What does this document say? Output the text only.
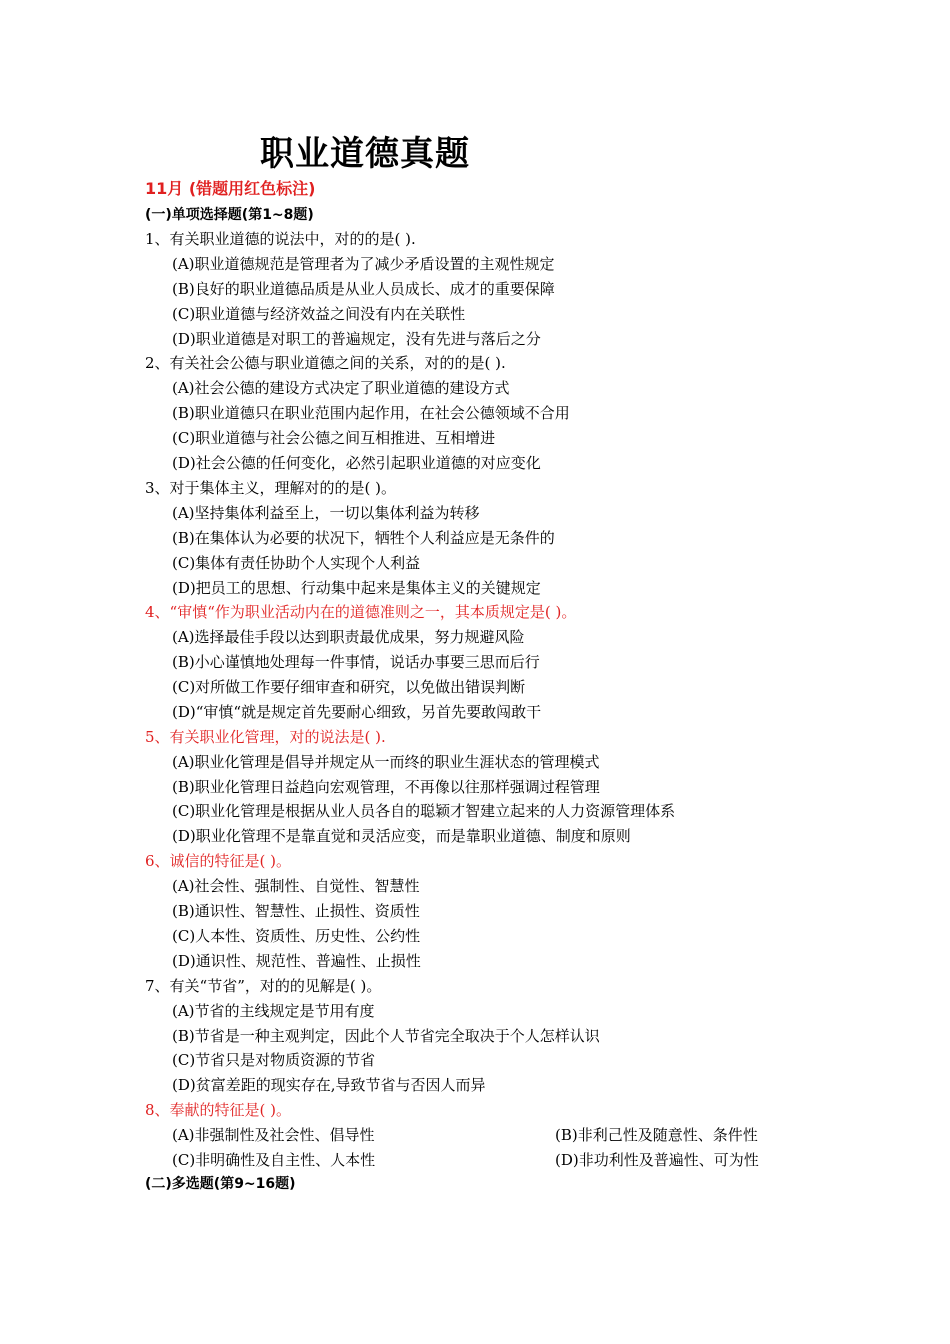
职业道德真题
11月 (错题用红色标注)
(一)单项选择题(第1~8题)
1、有关职业道德的说法中，对的的是( ).
(A)职业道德规范是管理者为了减少矛盾设置的主观性规定
(B)良好的职业道德品质是从业人员成长、成才的重要保障
(C)职业道德与经济效益之间没有内在关联性
(D)职业道德是对职工的普遍规定，没有先进与落后之分
2、有关社会公德与职业道德之间的关系，对的的是( ).
(A)社会公德的建设方式决定了职业道德的建设方式
(B)职业道德只在职业范围内起作用，在社会公德领域不合用
(C)职业道德与社会公德之间互相推进、互相增进
(D)社会公德的任何变化，必然引起职业道德的对应变化
3、对于集体主义，理解对的的是( )。
(A)坚持集体利益至上，一切以集体利益为转移
(B)在集体认为必要的状况下，牺牲个人利益应是无条件的
(C)集体有责任协助个人实现个人利益
(D)把员工的思想、行动集中起来是集体主义的关键规定
4、“审慎“作为职业活动内在的道德准则之一，其本质规定是( )。
(A)选择最佳手段以达到职责最优成果，努力规避风险
(B)小心谨慎地处理每一件事情，说话办事要三思而后行
(C)对所做工作要仔细审查和研究，以免做出错误判断
(D)“审慎“就是规定首先要耐心细致，另首先要敢闯敢干
5、有关职业化管理，对的说法是( ).
(A)职业化管理是倡导并规定从一而终的职业生涯状态的管理模式
(B)职业化管理日益趋向宏观管理，不再像以往那样强调过程管理
(C)职业化管理是根据从业人员各自的聪颖才智建立起来的人力资源管理体系
(D)职业化管理不是靠直觉和灵活应变，而是靠职业道德、制度和原则
6、诚信的特征是( )。
(A)社会性、强制性、自觉性、智慧性
(B)通识性、智慧性、止损性、资质性
(C)人本性、资质性、历史性、公约性
(D)通识性、规范性、普遍性、止损性
7、有关“节省”，对的的见解是( )。
(A)节省的主线规定是节用有度
(B)节省是一种主观判定，因此个人节省完全取决于个人怎样认识
(C)节省只是对物质资源的节省
(D)贫富差距的现实存在,导致节省与否因人而异
8、奉献的特征是( )。
(A)非强制性及社会性、倡导性	(B)非利己性及随意性、条件性
(C)非明确性及自主性、人本性	(D)非功利性及普遍性、可为性
(二)多选题(第9~16题)
